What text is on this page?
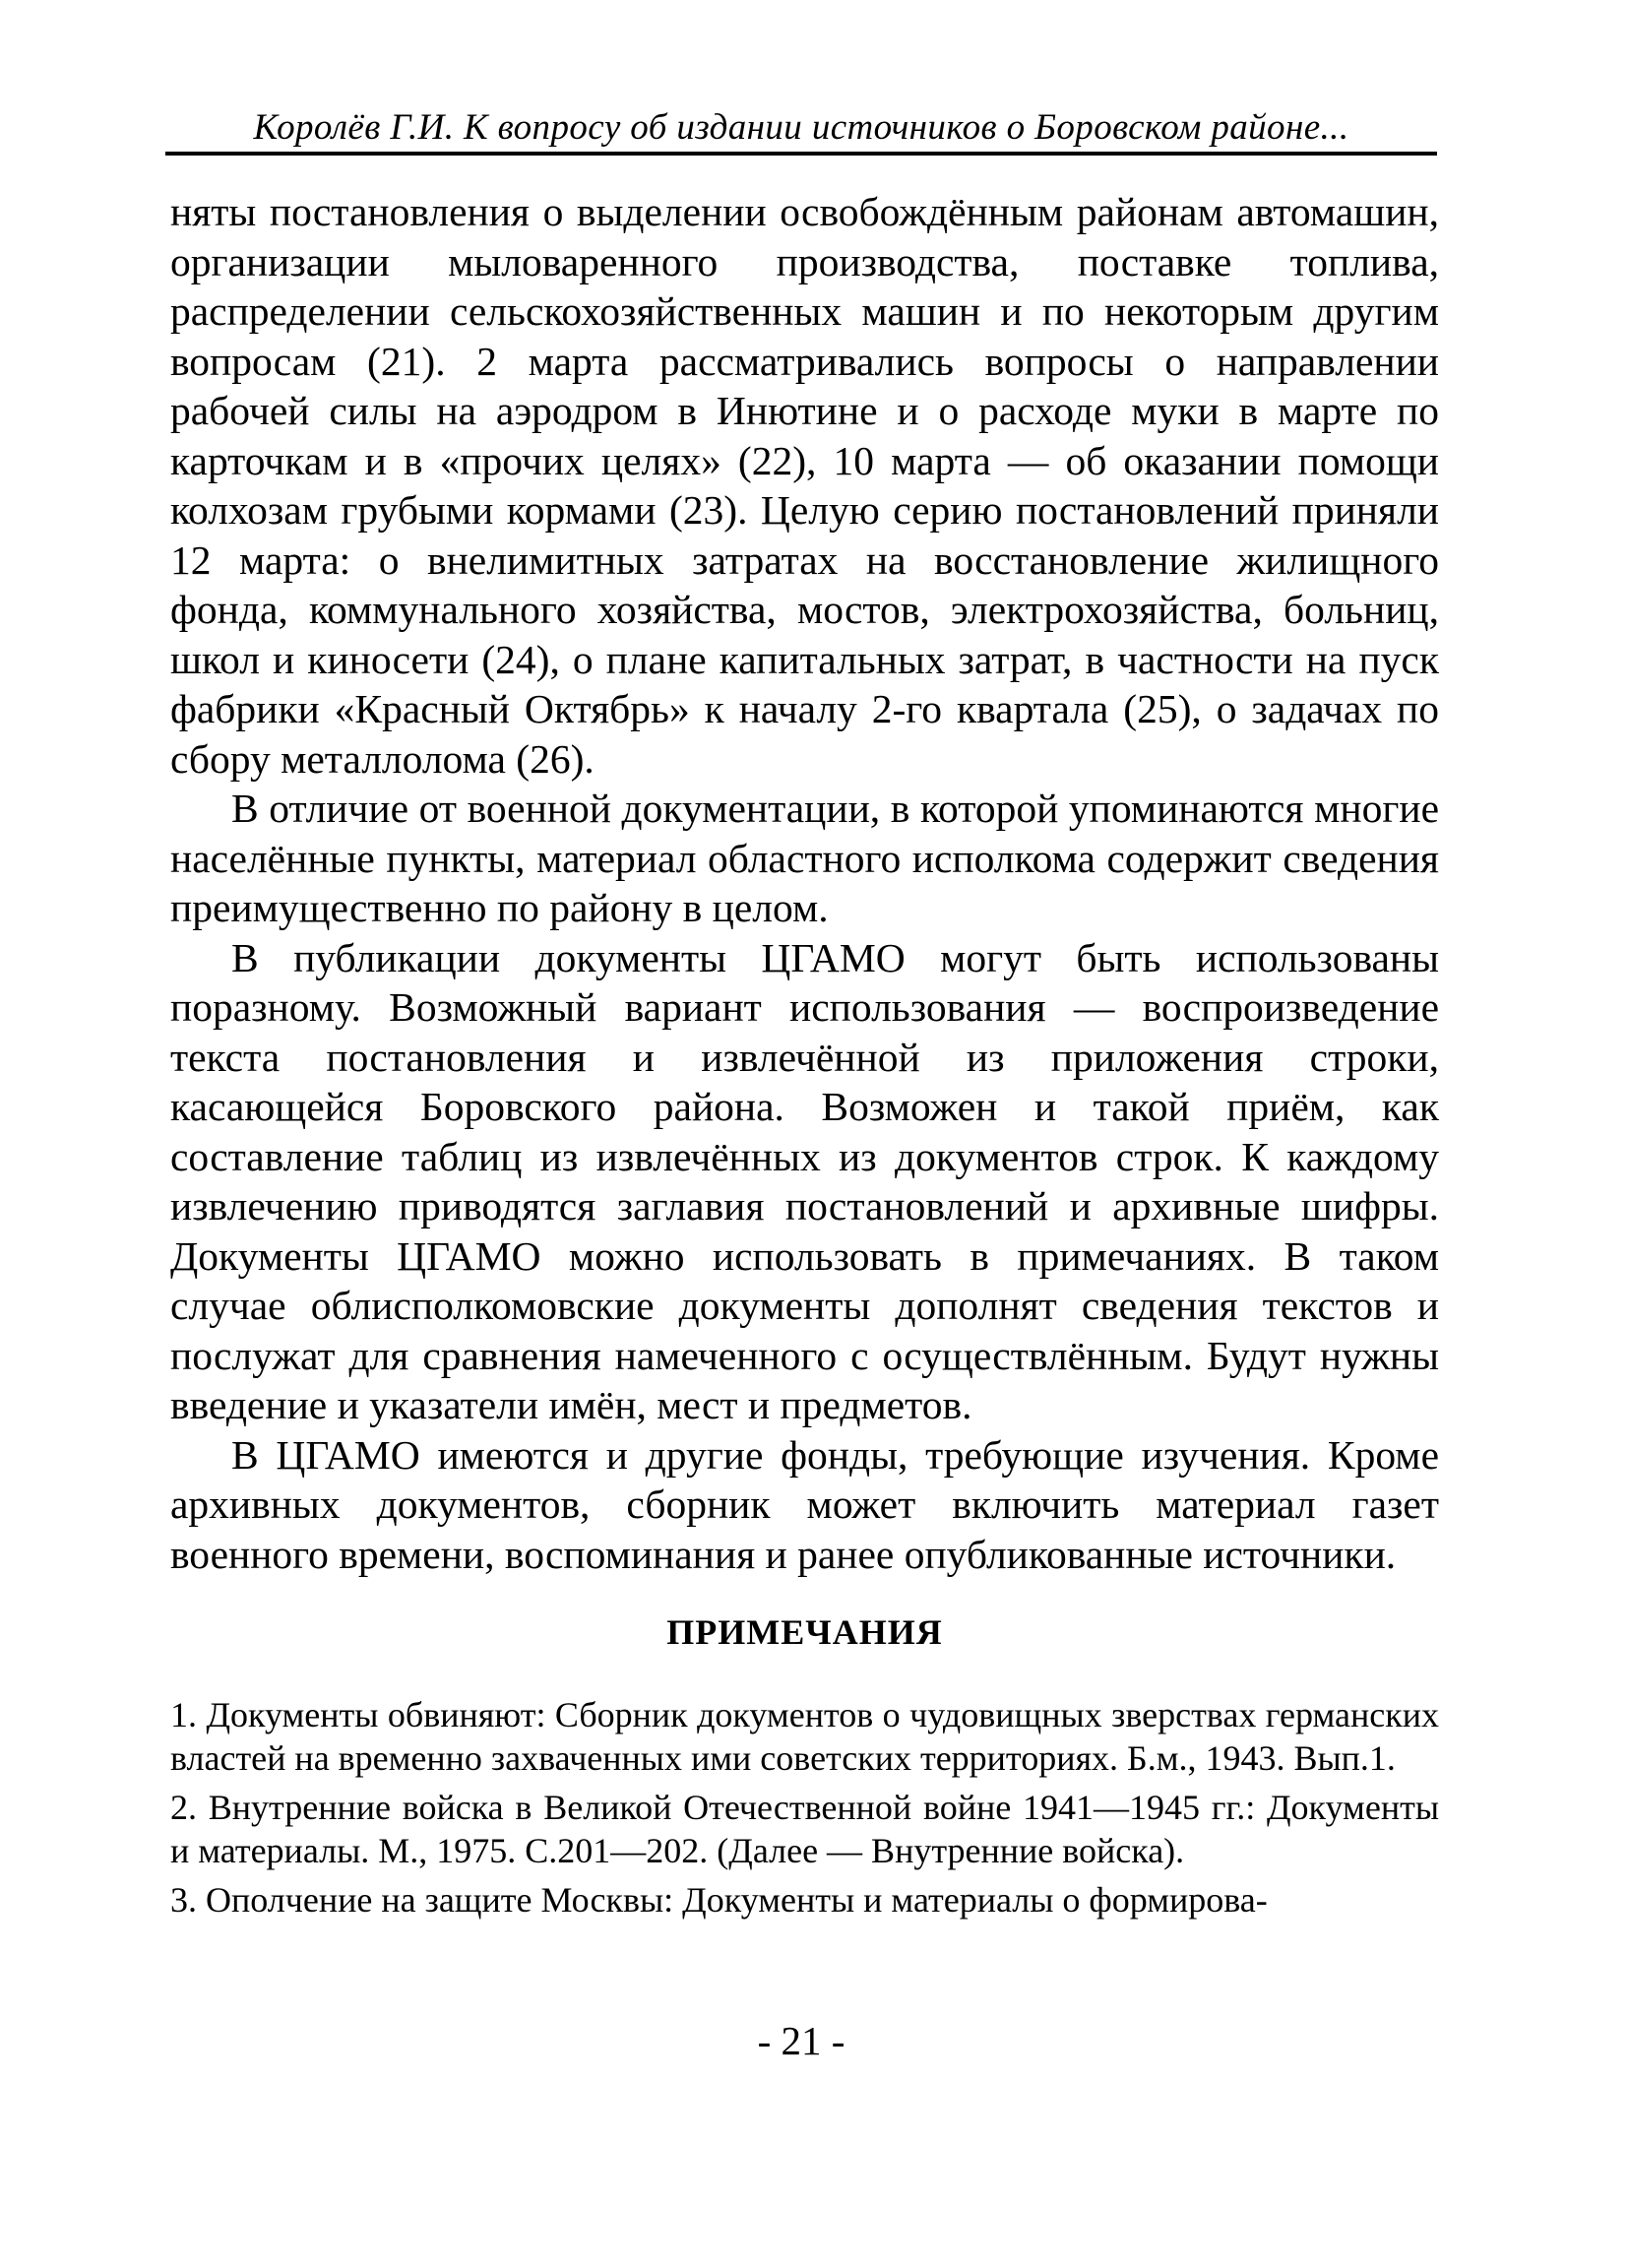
Королёв Г.И. К вопросу об издании источников о Боровском районе...

няты постановления о выделении освобождённым районам автомашин, организации мыловаренного производства, поставке топлива, распределении сельскохозяйственных машин и по некоторым другим вопросам (21). 2 марта рассматривались вопросы о направлении рабочей силы на аэродром в Инютине и о расходе муки в марте по карточкам и в «прочих целях» (22), 10 марта — об оказании помощи колхозам грубыми кормами (23). Целую серию постановлений приняли 12 марта: о внелимитных затратах на восстановление жилищного фонда, коммунального хозяйства, мостов, электрохозяйства, больниц, школ и киносети (24), о плане капитальных затрат, в частности на пуск фабрики «Красный Октябрь» к началу 2-го квартала (25), о задачах по сбору металлолома (26).

В отличие от военной документации, в которой упоминаются многие населённые пункты, материал областного исполкома содержит сведения преимущественно по району в целом.

В публикации документы ЦГАМО могут быть использованы поразному. Возможный вариант использования — воспроизведение текста постановления и извлечённой из приложения строки, касающейся Боровского района. Возможен и такой приём, как составление таблиц из извлечённых из документов строк. К каждому извлечению приводятся заглавия постановлений и архивные шифры. Документы ЦГАМО можно использовать в примечаниях. В таком случае облисполкомовские документы дополнят сведения текстов и послужат для сравнения намеченного с осуществлённым. Будут нужны введение и указатели имён, мест и предметов.

В ЦГАМО имеются и другие фонды, требующие изучения. Кроме архивных документов, сборник может включить материал газет военного времени, воспоминания и ранее опубликованные источники.

ПРИМЕЧАНИЯ

1. Документы обвиняют: Сборник документов о чудовищных зверствах германских властей на временно захваченных ими советских территориях. Б.м., 1943. Вып.1.

2. Внутренние войска в Великой Отечественной войне 1941—1945 гг.: Документы и материалы. М., 1975. С.201—202. (Далее — Внутренние войска).

3. Ополчение на защите Москвы: Документы и материалы о формирова-

- 21 -
